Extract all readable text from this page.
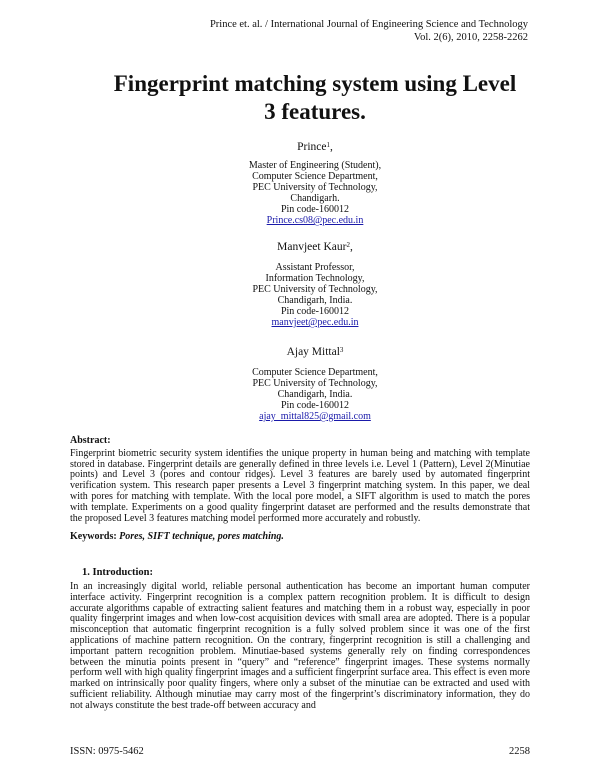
Prince et. al. / International Journal of Engineering Science and Technology
Vol. 2(6), 2010, 2258-2262
Fingerprint matching system using Level
3 features.
Prince$^1$,
Master of Engineering (Student),
Computer Science Department,
PEC University of Technology,
Chandigarh.
Pin code-160012
Prince.cs08@pec.edu.in
Manvjeet Kaur$^2$,
Assistant Professor,
Information Technology,
PEC University of Technology,
Chandigarh, India.
Pin code-160012
manvjeet@pec.edu.in
Ajay Mittal$^3$
Computer Science Department,
PEC University of Technology,
Chandigarh, India.
Pin code-160012
ajay_mittal825@gmail.com

Abstract:

Fingerprint biometric security system identifies the unique property in human being and matching with template stored in database. Fingerprint details are generally defined in three levels i.e. Level 1 (Pattern), Level 2(Minutiae points) and Level 3 (pores and contour ridges). Level 3 features are barely used by automated fingerprint verification system. This research paper presents a Level 3 fingerprint matching system. In this paper, we deal with pores for matching with template. With the local pore model, a SIFT algorithm is used to match the pores with template. Experiments on a good quality fingerprint dataset are performed and the results demonstrate that the proposed Level 3 features matching model performed more accurately and robustly.

Keywords: Pores, SIFT technique, pores matching.

1. Introduction:

In an increasingly digital world, reliable personal authentication has become an important human computer interface activity. Fingerprint recognition is a complex pattern recognition problem. It is difficult to design accurate algorithms capable of extracting salient features and matching them in a robust way, especially in poor quality fingerprint images and when low-cost acquisition devices with small area are adopted. There is a popular misconception that automatic fingerprint recognition is a fully solved problem since it was one of the first applications of machine pattern recognition. On the contrary, fingerprint recognition is still a challenging and important pattern recognition problem. Minutiae-based systems generally rely on finding correspondences between the minutia points present in “query” and “reference” fingerprint images. These systems normally perform well with high quality fingerprint images and a sufficient fingerprint surface area. This effect is even more marked on intrinsically poor quality fingers, where only a subset of the minutiae can be extracted and used with sufficient reliability. Although minutiae may carry most of the fingerprint’s discriminatory information, they do not always constitute the best trade-off between accuracy and

ISSN: 0975-5462	2258
